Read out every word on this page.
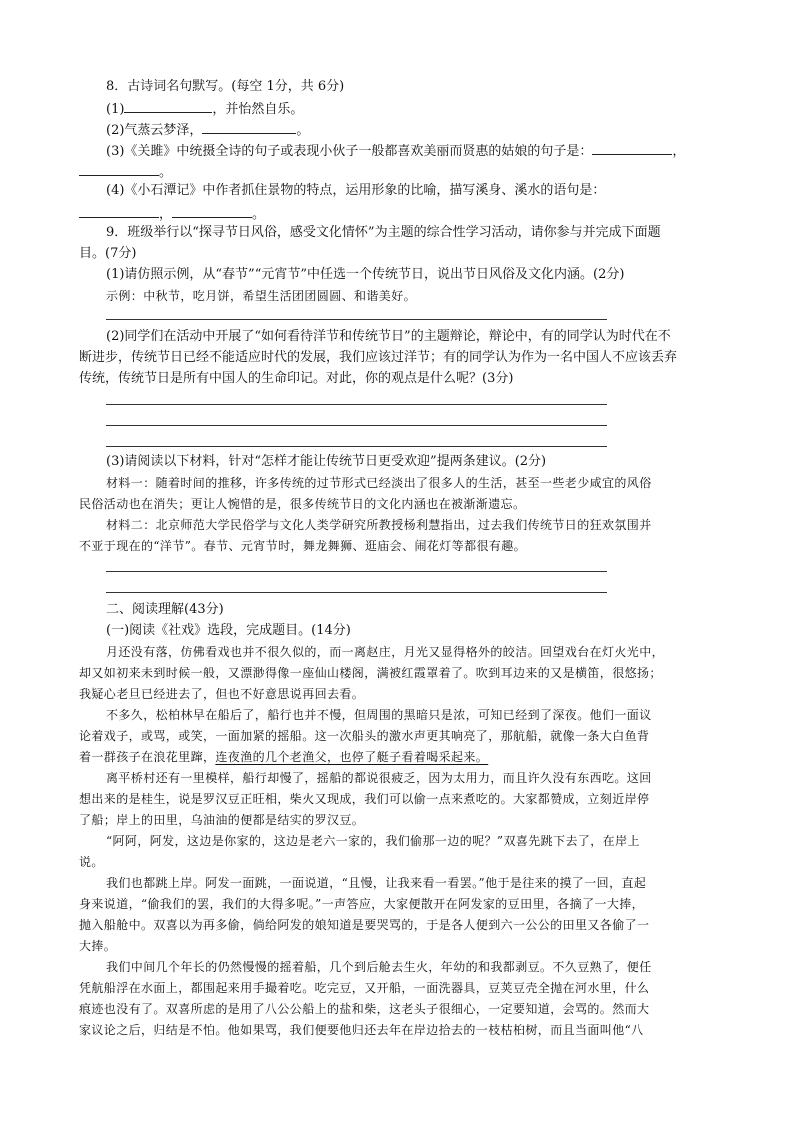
8．古诗词名句默写。(每空 1分，共 6分)
(1)	，并怡然自乐。
(2)气蒸云梦泽，	。
(3)《关雎》中统摄全诗的句子或表现小伙子一般都喜欢美丽而贤惠的姑娘的句子是：	，
。
(4)《小石潭记》中作者抓住景物的特点，运用形象的比喻，描写溪身、溪水的语句是：
，	。
9．班级举行以“探寻节日风俗，感受文化情怀”为主题的综合性学习活动，请你参与并完成下面题
目。(7分)
(1)请仿照示例，从“春节”“元宵节”中任选一个传统节日，说出节日风俗及文化内涵。(2分)
示例：中秋节，吃月饼，希望生活团团圆圆、和谐美好。
(2)同学们在活动中开展了“如何看待洋节和传统节日”的主题辩论，辩论中，有的同学认为时代在不
断进步，传统节日已经不能适应时代的发展，我们应该过洋节；有的同学认为作为一名中国人不应该丢弃
传统，传统节日是所有中国人的生命印记。对此，你的观点是什么呢？(3分)
(3)请阅读以下材料，针对“怎样才能让传统节日更受欢迎”提两条建议。(2分)
材料一：随着时间的推移，许多传统的过节形式已经淡出了很多人的生活，甚至一些老少咸宜的风俗
民俗活动也在消失；更让人惋惜的是，很多传统节日的文化内涵也在被渐渐遗忘。
材料二：北京师范大学民俗学与文化人类学研究所教授杨利慧指出，过去我们传统节日的狂欢氛围并
不亚于现在的“洋节”。春节、元宵节时，舞龙舞狮、逛庙会、闹花灯等都很有趣。
二、阅读理解(43分)
(一)阅读《社戏》选段，完成题目。(14分)
月还没有落，仿佛看戏也并不很久似的，而一离赵庄，月光又显得格外的皎洁。回望戏台在灯火光中，
却又如初来未到时候一般，又漂渺得像一座仙山楼阁，满被红霞罩着了。吹到耳边来的又是横笛，很悠扬；
我疑心老旦已经进去了，但也不好意思说再回去看。
不多久，松柏林早在船后了，船行也并不慢，但周围的黑暗只是浓，可知已经到了深夜。他们一面议
论着戏子，或骂，或笑，一面加紧的摇船。这一次船头的激水声更其响亮了，那航船，就像一条大白鱼背
着一群孩子在浪花里蹿，连夜渔的几个老渔父，也停了艇子看着喝采起来。
离平桥村还有一里模样，船行却慢了，摇船的都说很疲乏，因为太用力，而且许久没有东西吃。这回
想出来的是桂生，说是罗汉豆正旺相，柴火又现成，我们可以偷一点来煮吃的。大家都赞成，立刻近岸停
了船；岸上的田里，乌油油的便都是结实的罗汉豆。
“阿阿，阿发，这边是你家的，这边是老六一家的，我们偷那一边的呢？”双喜先跳下去了，在岸上
说。
我们也都跳上岸。阿发一面跳，一面说道，“且慢，让我来看一看罢。”他于是往来的摸了一回，直起
身来说道，“偷我们的罢，我们的大得多呢。”一声答应，大家便散开在阿发家的豆田里，各摘了一大捧，
抛入船舱中。双喜以为再多偷，倘给阿发的娘知道是要哭骂的，于是各人便到六一公公的田里又各偷了一
大捧。
我们中间几个年长的仍然慢慢的摇着船，几个到后舱去生火，年幼的和我都剥豆。不久豆熟了，便任
凭航船浮在水面上，都围起来用手撮着吃。吃完豆，又开船，一面洗器具，豆荚豆壳全抛在河水里，什么
痕迹也没有了。双喜所虑的是用了八公公船上的盐和柴，这老头子很细心，一定要知道，会骂的。然而大
家议论之后，归结是不怕。他如果骂，我们便要他归还去年在岸边拾去的一枝枯桕树，而且当面叫他“八
